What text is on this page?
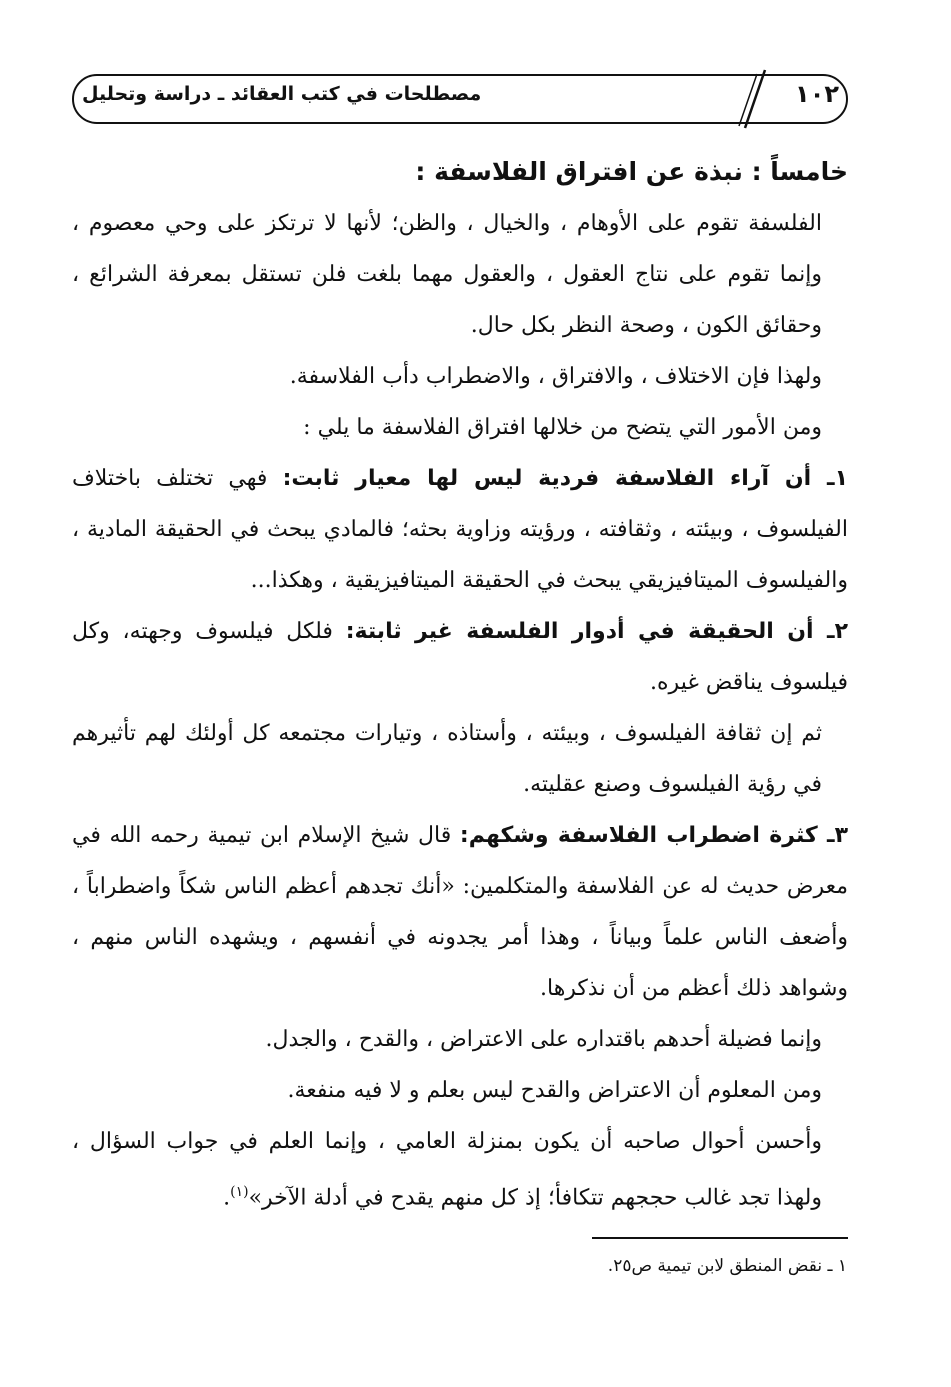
١٠٢
مصطلحات في كتب العقائد ـ دراسة وتحليل
خامساً : نبذة عن افتراق الفلاسفة :

الفلسفة تقوم على الأوهام ، والخيال ، والظن؛ لأنها لا ترتكز على وحي معصوم ، وإنما تقوم على نتاج العقول ، والعقول مهما بلغت فلن تستقل بمعرفة الشرائع ، وحقائق الكون ، وصحة النظر بكل حال.

ولهذا فإن الاختلاف ، والافتراق ، والاضطراب دأب الفلاسفة.

ومن الأمور التي يتضح من خلالها افتراق الفلاسفة ما يلي :

١ـ أن آراء الفلاسفة فردية ليس لها معيار ثابت: فهي تختلف باختلاف الفيلسوف ، وبيئته ، وثقافته ، ورؤيته وزاوية بحثه؛ فالمادي يبحث في الحقيقة المادية ، والفيلسوف الميتافيزيقي يبحث في الحقيقة الميتافيزيقية ، وهكذا...

٢ـ أن الحقيقة في أدوار الفلسفة غير ثابتة: فلكل فيلسوف وجهته، وكل فيلسوف يناقض غيره.

ثم إن ثقافة الفيلسوف ، وبيئته ، وأستاذه ، وتيارات مجتمعه كل أولئك لهم تأثيرهم في رؤية الفيلسوف وصنع عقليته.

٣ـ كثرة اضطراب الفلاسفة وشكهم: قال شيخ الإسلام ابن تيمية رحمه الله في معرض حديث له عن الفلاسفة والمتكلمين: «أنك تجدهم أعظم الناس شكاً واضطراباً ، وأضعف الناس علماً وبياناً ، وهذا أمر يجدونه في أنفسهم ، ويشهده الناس منهم ، وشواهد ذلك أعظم من أن نذكرها.

وإنما فضيلة أحدهم باقتداره على الاعتراض ، والقدح ، والجدل.

ومن المعلوم أن الاعتراض والقدح ليس بعلم و لا فيه منفعة.

وأحسن أحوال صاحبه أن يكون بمنزلة العامي ، وإنما العلم في جواب السؤال ، ولهذا تجد غالب حججهم تتكافأ؛ إذ كل منهم يقدح في أدلة الآخر»$^{(١)}$.

١ ـ نقض المنطق لابن تيمية ص٢٥.
